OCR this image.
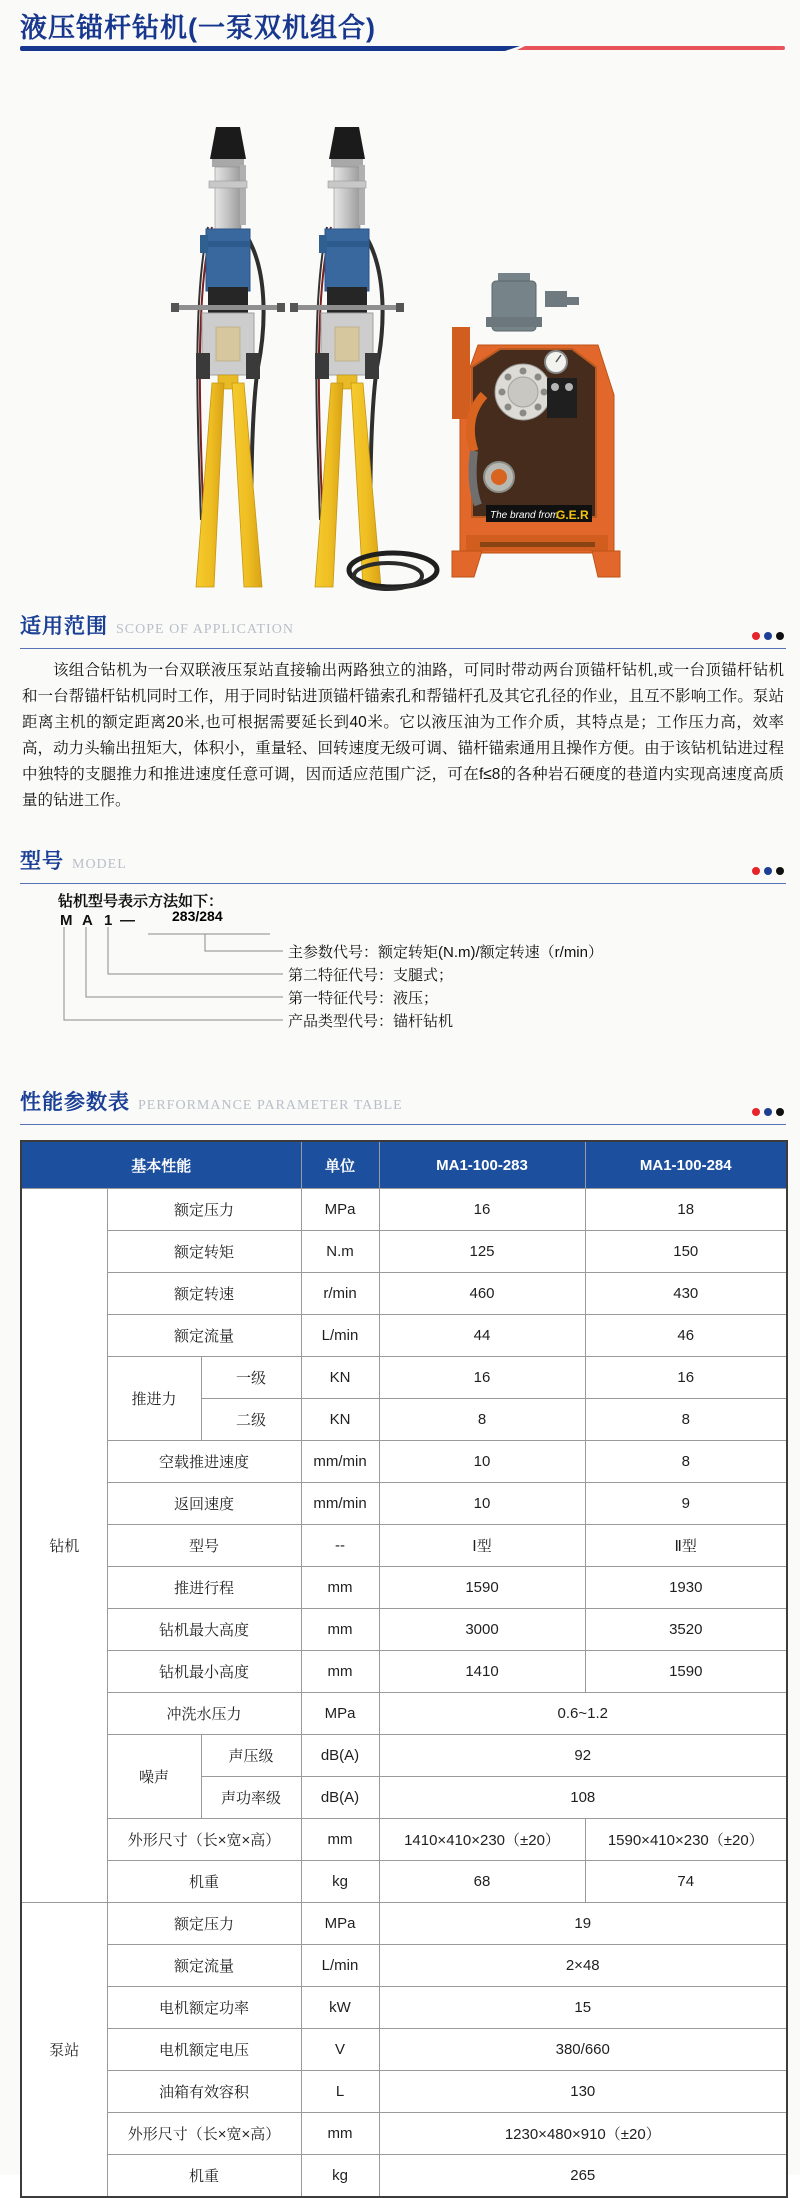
液压锚杆钻机(一泵双机组合)
The brand from
G.E.R
适用范围 SCOPE OF APPLICATION
该组合钻机为一台双联液压泵站直接输出两路独立的油路，可同时带动两台顶锚杆钻机,或一台顶锚杆钻机和一台帮锚杆钻机同时工作，用于同时钻进顶锚杆锚索孔和帮锚杆孔及其它孔径的作业，且互不影响工作。泵站距离主机的额定距离20米,也可根据需要延长到40米。它以液压油为工作介质，其特点是；工作压力高，效率高，动力头输出扭矩大，体积小，重量轻、回转速度无级可调、锚杆锚索通用且操作方便。由于该钻机钻进过程中独特的支腿推力和推进速度任意可调，因而适应范围广泛，可在f≤8的各种岩石硬度的巷道内实现高速度高质量的钻进工作。
型号 MODEL
钻机型号表示方法如下：
M A 1 —	283/284
主参数代号：额定转矩(N.m)/额定转速（r/min）
第二特征代号：支腿式；
第一特征代号：液压；
产品类型代号：锚杆钻机
性能参数表 PERFORMANCE PARAMETER TABLE
基本性能			单位	MA1-100-283	MA1-100-284
钻机	额定压力		MPa	16	18
	额定转矩		N.m	125	150
	额定转速		r/min	460	430
	额定流量		L/min	44	46
	推进力	一级	KN	16	16
		二级	KN	8	8
	空载推进速度		mm/min	10	8
	返回速度		mm/min	10	9
	型号		--	Ⅰ型	Ⅱ型
	推进行程		mm	1590	1930
	钻机最大高度		mm	3000	3520
	钻机最小高度		mm	1410	1590
	冲洗水压力		MPa	0.6~1.2	
	噪声	声压级	dB(A)	92	
		声功率级	dB(A)	108	
	外形尺寸（长×宽×高）		mm	1410×410×230（±20）	1590×410×230（±20）
	机重		kg	68	74
泵站	额定压力		MPa	19	
	额定流量		L/min	2×48	
	电机额定功率		kW	15	
	电机额定电压		V	380/660	
	油箱有效容积		L	130	
	外形尺寸（长×宽×高）		mm	1230×480×910（±20）	
	机重		kg	265	
